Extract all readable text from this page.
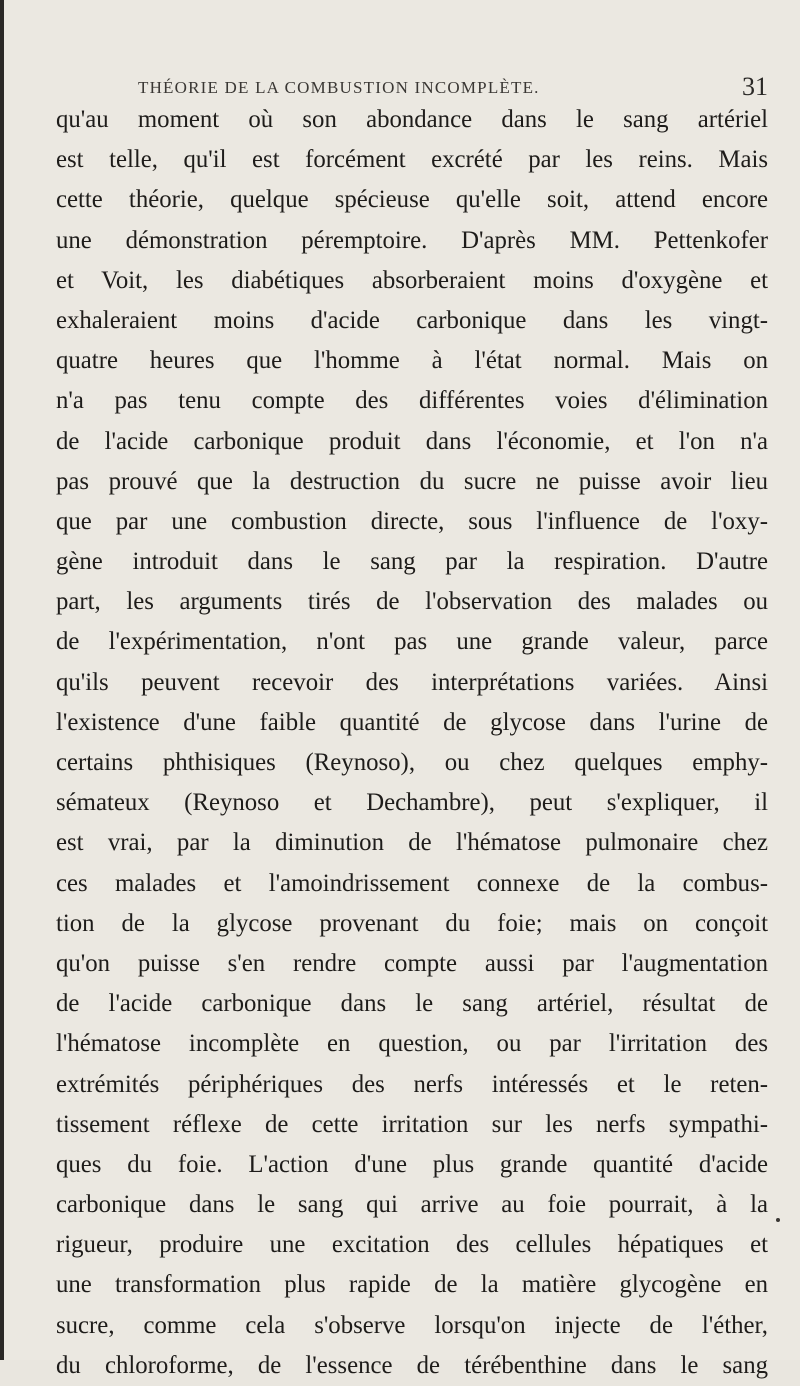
THÉORIE DE LA COMBUSTION INCOMPLÈTE.	31
qu'au moment où son abondance dans le sang artériel
est telle, qu'il est forcément excrété par les reins. Mais
cette théorie, quelque spécieuse qu'elle soit, attend encore
une démonstration péremptoire. D'après MM. Pettenkofer
et Voit, les diabétiques absorberaient moins d'oxygène et
exhaleraient moins d'acide carbonique dans les vingt-
quatre heures que l'homme à l'état normal. Mais on
n'a pas tenu compte des différentes voies d'élimination
de l'acide carbonique produit dans l'économie, et l'on n'a
pas prouvé que la destruction du sucre ne puisse avoir lieu
que par une combustion directe, sous l'influence de l'oxy-
gène introduit dans le sang par la respiration. D'autre
part, les arguments tirés de l'observation des malades ou
de l'expérimentation, n'ont pas une grande valeur, parce
qu'ils peuvent recevoir des interprétations variées. Ainsi
l'existence d'une faible quantité de glycose dans l'urine de
certains phthisiques (Reynoso), ou chez quelques emphy-
sémateux (Reynoso et Dechambre), peut s'expliquer, il
est vrai, par la diminution de l'hématose pulmonaire chez
ces malades et l'amoindrissement connexe de la combus-
tion de la glycose provenant du foie; mais on conçoit
qu'on puisse s'en rendre compte aussi par l'augmentation
de l'acide carbonique dans le sang artériel, résultat de
l'hématose incomplète en question, ou par l'irritation des
extrémités périphériques des nerfs intéressés et le reten-
tissement réflexe de cette irritation sur les nerfs sympathi-
ques du foie. L'action d'une plus grande quantité d'acide
carbonique dans le sang qui arrive au foie pourrait, à la
rigueur, produire une excitation des cellules hépatiques et
une transformation plus rapide de la matière glycogène en
sucre, comme cela s'observe lorsqu'on injecte de l'éther,
du chloroforme, de l'essence de térébenthine dans le sang
